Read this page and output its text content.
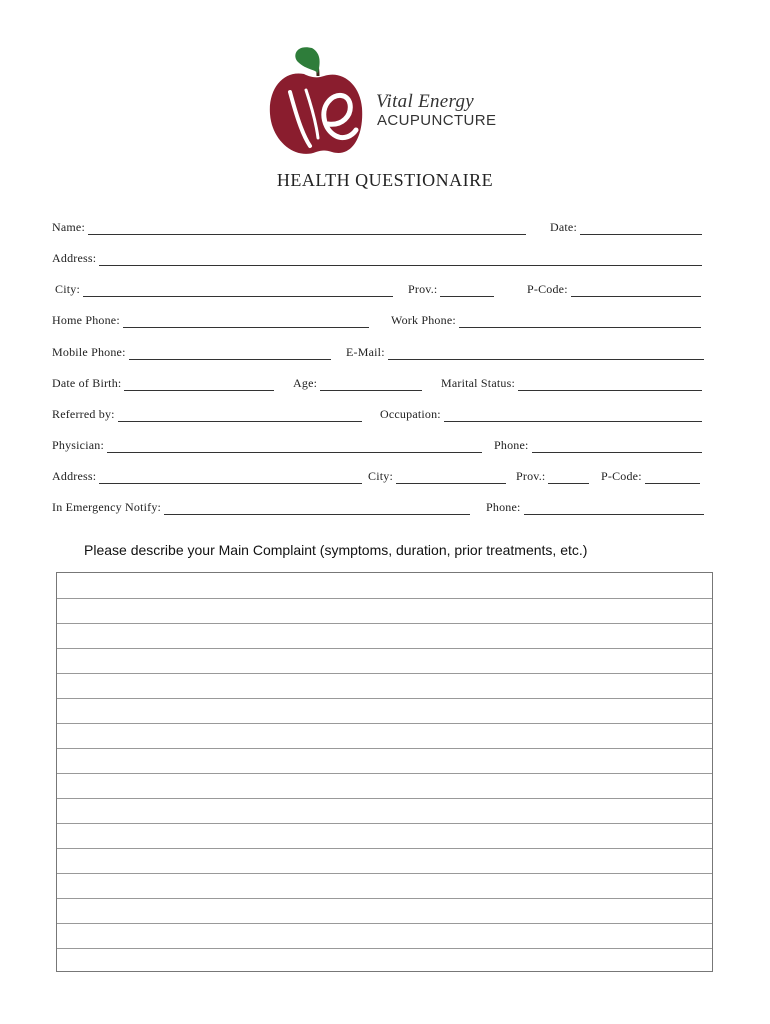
Vital Energy
ACUPUNCTURE
HEALTH QUESTIONAIRE
Name:	Date:
Address:
City:	Prov.:	P-Code:
Home Phone:	Work Phone:
Mobile Phone:	E-Mail:
Date of Birth:	Age:	Marital Status:
Referred by:	Occupation:
Physician:	Phone:
Address:	City:	Prov.:	P-Code:
In Emergency Notify:	Phone:
Please describe your Main Complaint (symptoms, duration, prior treatments, etc.)
